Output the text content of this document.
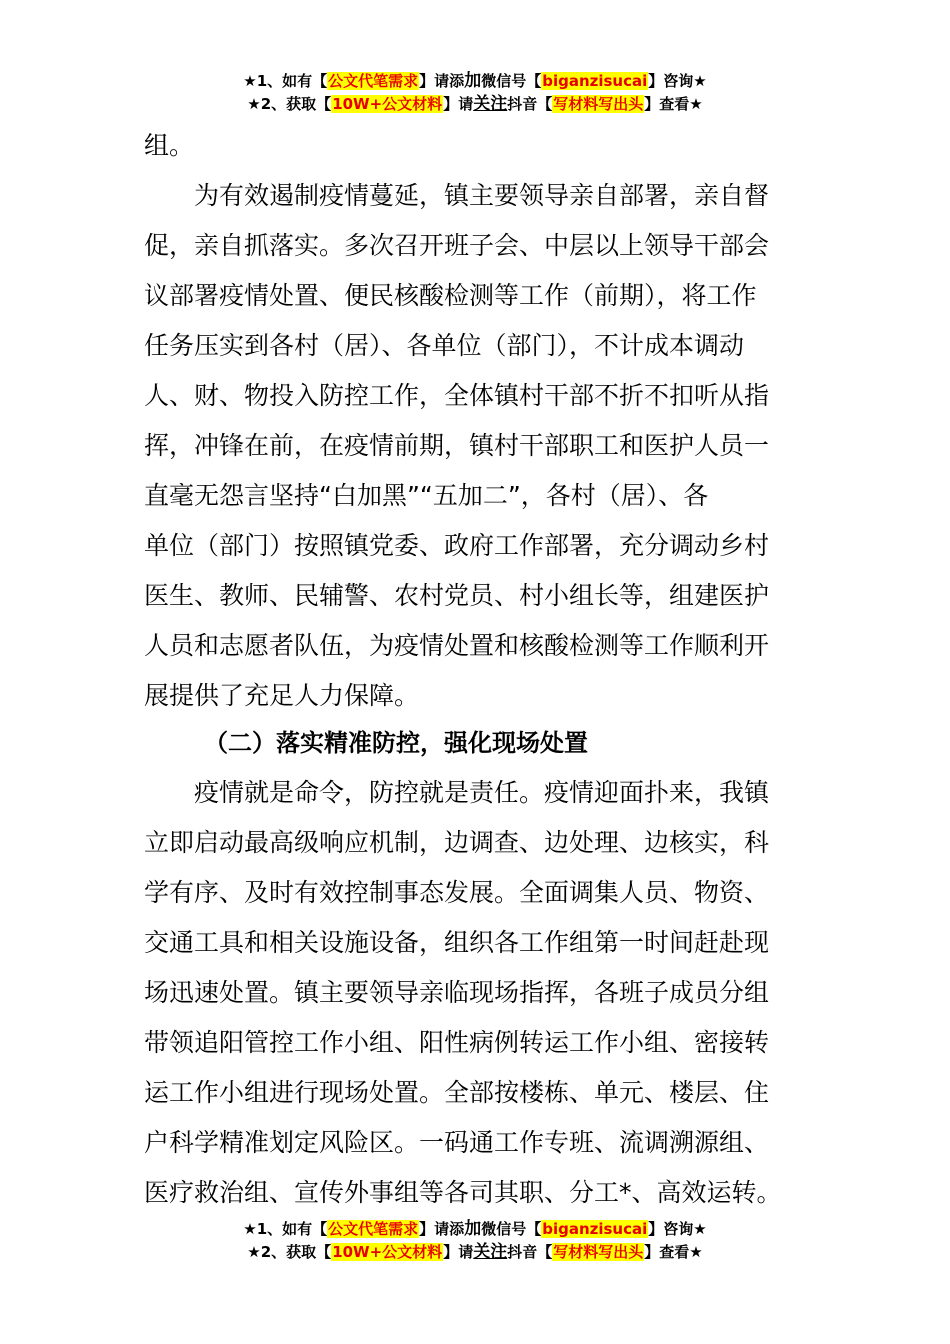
★1、如有【公文代笔需求】请添加微信号【biganzisucai】咨询★
★2、获取【10W+公文材料】请关注抖音【写材料写出头】查看★
组。
　　为有效遏制疫情蔓延，镇主要领导亲自部署，亲自督
促，亲自抓落实。多次召开班子会、中层以上领导干部会
议部署疫情处置、便民核酸检测等工作（前期），将工作
任务压实到各村（居）、各单位（部门），不计成本调动
人、财、物投入防控工作，全体镇村干部不折不扣听从指
挥，冲锋在前，在疫情前期，镇村干部职工和医护人员一
直毫无怨言坚持“白加黑”“五加二”，各村（居）、各
单位（部门）按照镇党委、政府工作部署，充分调动乡村
医生、教师、民辅警、农村党员、村小组长等，组建医护
人员和志愿者队伍，为疫情处置和核酸检测等工作顺利开
展提供了充足人力保障。
（二）落实精准防控，强化现场处置
　　疫情就是命令，防控就是责任。疫情迎面扑来，我镇
立即启动最高级响应机制，边调查、边处理、边核实，科
学有序、及时有效控制事态发展。全面调集人员、物资、
交通工具和相关设施设备，组织各工作组第一时间赶赴现
场迅速处置。镇主要领导亲临现场指挥，各班子成员分组
带领追阳管控工作小组、阳性病例转运工作小组、密接转
运工作小组进行现场处置。全部按楼栋、单元、楼层、住
户科学精准划定风险区。一码通工作专班、流调溯源组、
医疗救治组、宣传外事组等各司其职、分工*、高效运转。
★1、如有【公文代笔需求】请添加微信号【biganzisucai】咨询★
★2、获取【10W+公文材料】请关注抖音【写材料写出头】查看★
